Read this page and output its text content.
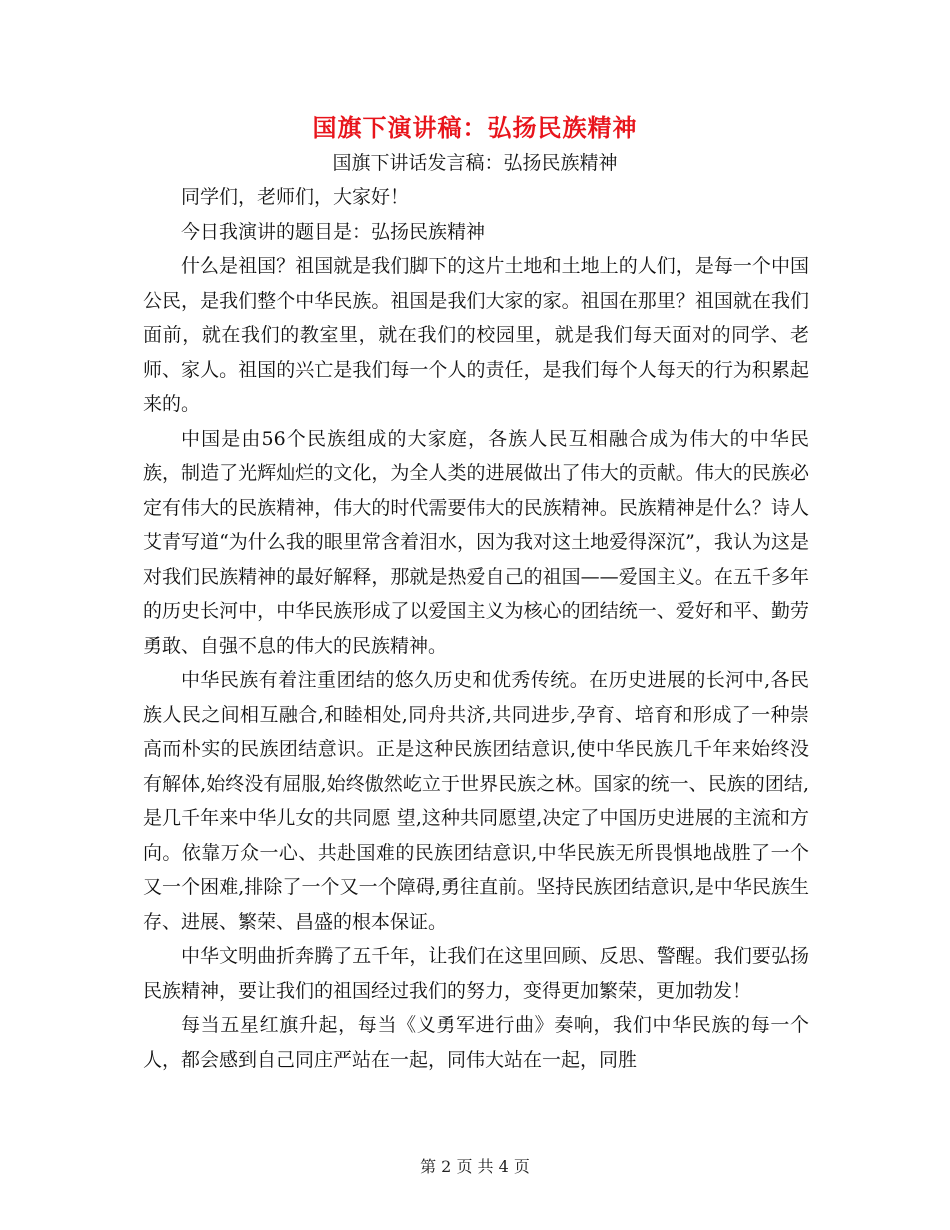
国旗下演讲稿：弘扬民族精神
国旗下讲话发言稿：弘扬民族精神

同学们，老师们，大家好！

今日我演讲的题目是：弘扬民族精神

什么是祖国？祖国就是我们脚下的这片土地和土地上的人们，是每一个中国公民，是我们整个中华民族。祖国是我们大家的家。祖国在那里？祖国就在我们面前，就在我们的教室里，就在我们的校园里，就是我们每天面对的同学、老师、家人。祖国的兴亡是我们每一个人的责任，是我们每个人每天的行为积累起来的。

中国是由56个民族组成的大家庭，各族人民互相融合成为伟大的中华民族，制造了光辉灿烂的文化，为全人类的进展做出了伟大的贡献。伟大的民族必定有伟大的民族精神，伟大的时代需要伟大的民族精神。民族精神是什么？诗人艾青写道“为什么我的眼里常含着泪水，因为我对这土地爱得深沉”，我认为这是对我们民族精神的最好解释，那就是热爱自己的祖国——爱国主义。在五千多年的历史长河中，中华民族形成了以爱国主义为核心的团结统一、爱好和平、勤劳勇敢、自强不息的伟大的民族精神。

中华民族有着注重团结的悠久历史和优秀传统。在历史进展的长河中,各民族人民之间相互融合,和睦相处,同舟共济,共同进步,孕育、培育和形成了一种崇高而朴实的民族团结意识。正是这种民族团结意识,使中华民族几千年来始终没有解体,始终没有屈服,始终傲然屹立于世界民族之林。国家的统一、民族的团结,是几千年来中华儿女的共同愿 望,这种共同愿望,决定了中国历史进展的主流和方向。依靠万众一心、共赴国难的民族团结意识,中华民族无所畏惧地战胜了一个又一个困难,排除了一个又一个障碍,勇往直前。坚持民族团结意识,是中华民族生存、进展、繁荣、昌盛的根本保证。

中华文明曲折奔腾了五千年，让我们在这里回顾、反思、警醒。我们要弘扬民族精神，要让我们的祖国经过我们的努力，变得更加繁荣，更加勃发！

每当五星红旗升起，每当《义勇军进行曲》奏响，我们中华民族的每一个人，都会感到自己同庄严站在一起，同伟大站在一起，同胜

第 2 页 共 4 页
